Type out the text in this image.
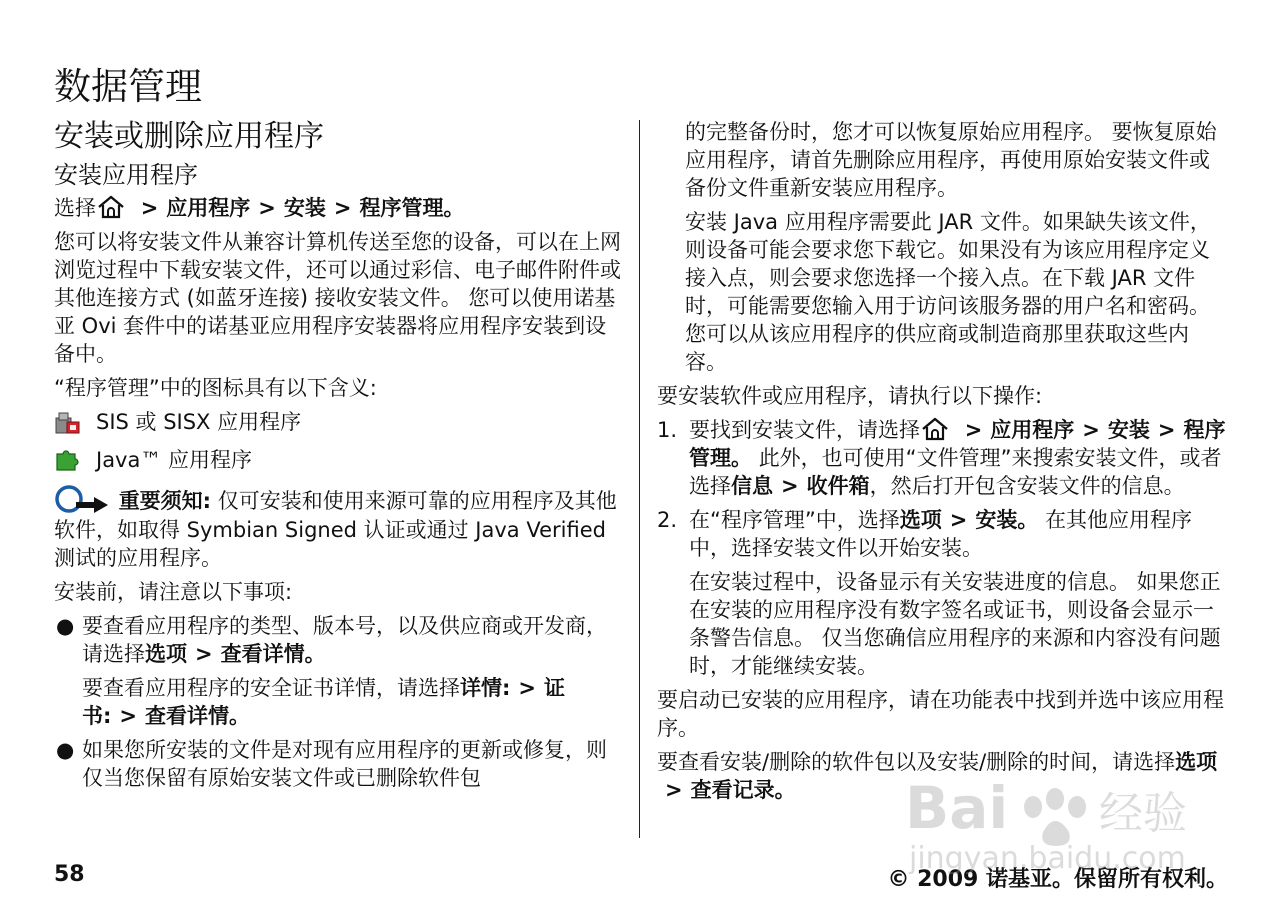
数据管理
安装或删除应用程序
安装应用程序

选择 > 应用程序 > 安装 > 程序管理。

您可以将安装文件从兼容计算机传送至您的设备，可以在上网浏览过程中下载安装文件，还可以通过彩信、电子邮件附件或其他连接方式 (如蓝牙连接) 接收安装文件。 您可以使用诺基亚 Ovi 套件中的诺基亚应用程序安装器将应用程序安装到设备中。

“程序管理”中的图标具有以下含义:

SIS 或 SISX 应用程序
Java™ 应用程序

重要须知: 仅可安装和使用来源可靠的应用程序及其他软件，如取得 Symbian Signed 认证或通过 Java Verified 测试的应用程序。

安装前，请注意以下事项:

● 要查看应用程序的类型、版本号，以及供应商或开发商，请选择选项 > 查看详情。

要查看应用程序的安全证书详情，请选择详情: > 证书: > 查看详情。

● 如果您所安装的文件是对现有应用程序的更新或修复，则仅当您保留有原始安装文件或已删除软件包

的完整备份时，您才可以恢复原始应用程序。 要恢复原始应用程序，请首先删除应用程序，再使用原始安装文件或备份文件重新安装应用程序。

安装 Java 应用程序需要此 JAR 文件。如果缺失该文件，则设备可能会要求您下载它。如果没有为该应用程序定义接入点，则会要求您选择一个接入点。在下载 JAR 文件时，可能需要您输入用于访问该服务器的用户名和密码。您可以从该应用程序的供应商或制造商那里获取这些内容。

要安装软件或应用程序，请执行以下操作:

1. 要找到安装文件，请选择 > 应用程序 > 安装 > 程序管理。 此外，也可使用“文件管理”来搜索安装文件，或者选择信息 > 收件箱，然后打开包含安装文件的信息。
2. 在“程序管理”中，选择选项 > 安装。 在其他应用程序中，选择安装文件以开始安装。

在安装过程中，设备显示有关安装进度的信息。 如果您正在安装的应用程序没有数字签名或证书，则设备会显示一条警告信息。 仅当您确信应用程序的来源和内容没有问题时，才能继续安装。

要启动已安装的应用程序，请在功能表中找到并选中该应用程序。

要查看安装/删除的软件包以及安装/删除的时间，请选择选项> 查看记录。

58	© 2009 诺基亚。保留所有权利。
Bai 经验
jingyan.baidu.com
